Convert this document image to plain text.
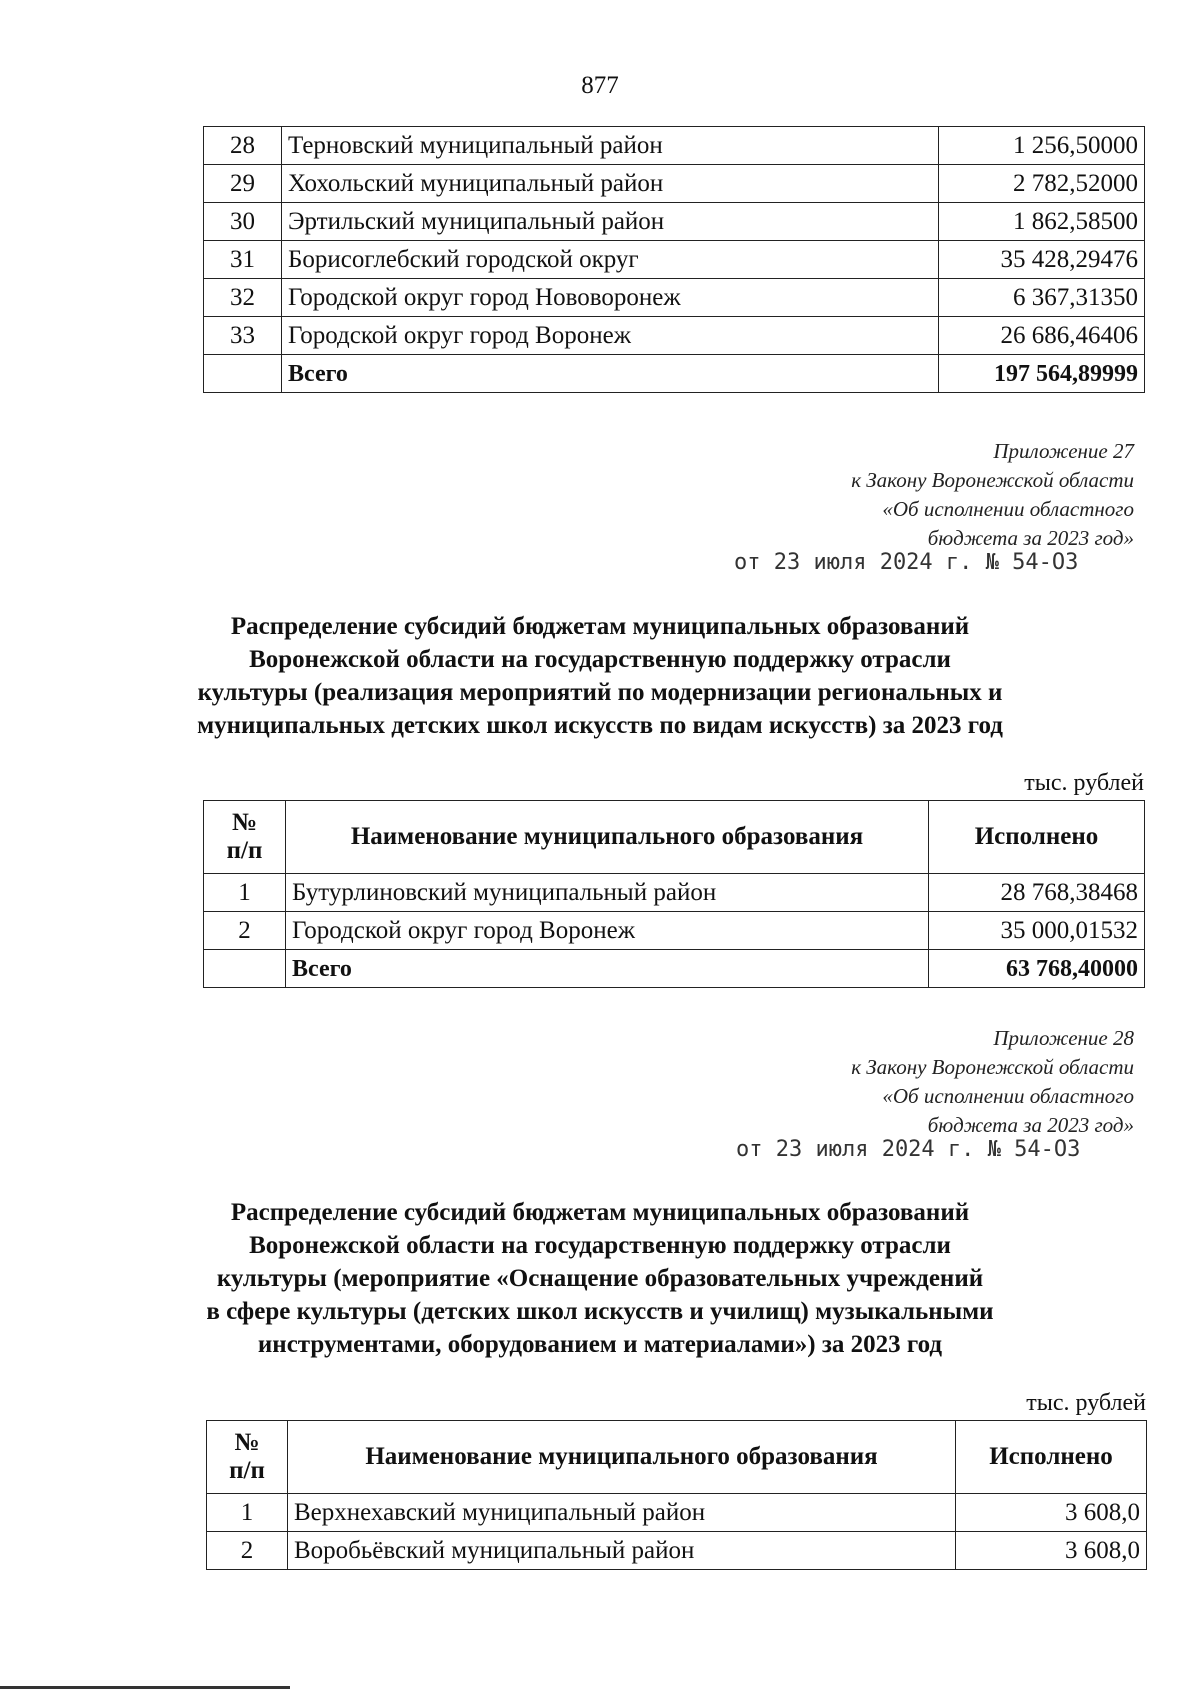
877
28	Терновский муниципальный район	1 256,50000
29	Хохольский муниципальный район	2 782,52000
30	Эртильский муниципальный район	1 862,58500
31	Борисоглебский городской округ	35 428,29476
32	Городской округ город Нововоронеж	6 367,31350
33	Городской округ город Воронеж	26 686,46406
	Всего	197 564,89999
Приложение 27
к Закону Воронежской области
«Об исполнении областного
бюджета за 2023 год»
от 23 июля 2024 г. № 54-ОЗ
Распределение субсидий бюджетам муниципальных образований
Воронежской области на государственную поддержку отрасли
культуры (реализация мероприятий по модернизации региональных и
муниципальных детских школ искусств по видам искусств) за 2023 год
тыс. рублей
№
п/п	Наименование муниципального образования	Исполнено
1	Бутурлиновский муниципальный район	28 768,38468
2	Городской округ город Воронеж	35 000,01532
	Всего	63 768,40000
Приложение 28
к Закону Воронежской области
«Об исполнении областного
бюджета за 2023 год»
от 23 июля 2024 г. № 54-ОЗ
Распределение субсидий бюджетам муниципальных образований
Воронежской области на государственную поддержку отрасли
культуры (мероприятие «Оснащение образовательных учреждений
в сфере культуры (детских школ искусств и училищ) музыкальными
инструментами, оборудованием и материалами») за 2023 год
тыс. рублей
№
п/п	Наименование муниципального образования	Исполнено
1	Верхнехавский муниципальный район	3 608,0
2	Воробьёвский муниципальный район	3 608,0
